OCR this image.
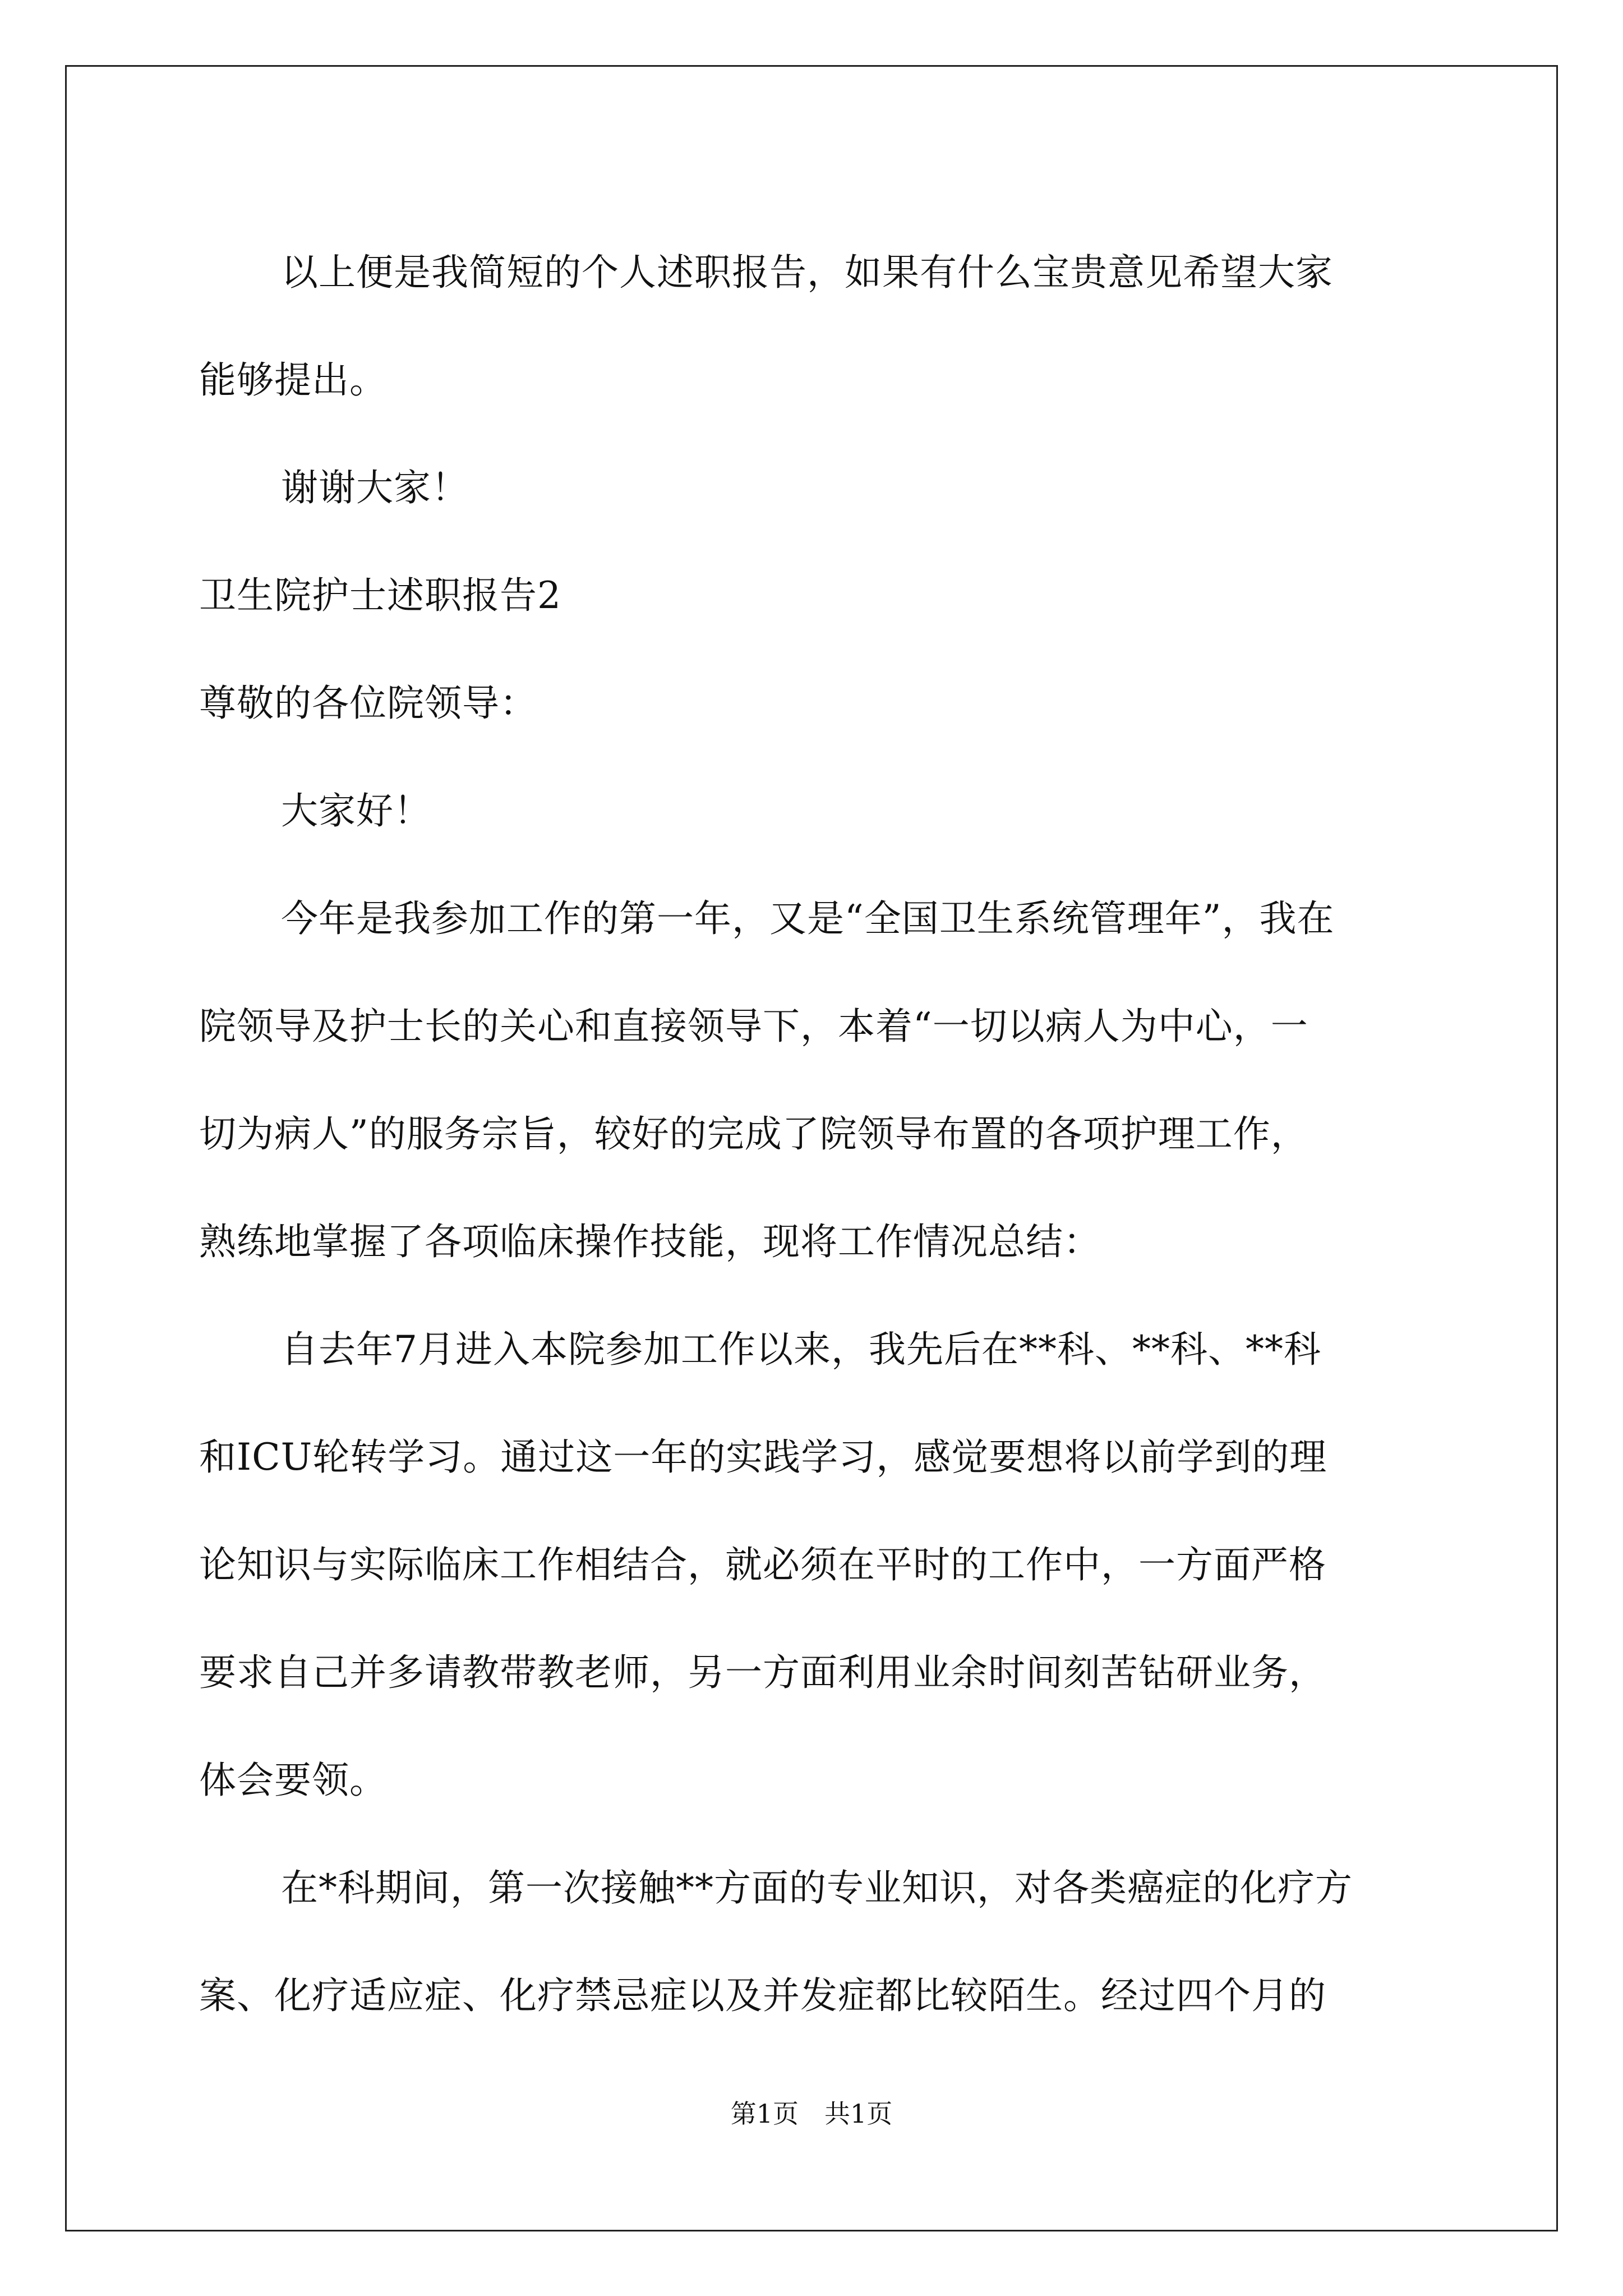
以上便是我简短的个人述职报告，如果有什么宝贵意见希望大家
能够提出。
谢谢大家！
卫生院护士述职报告2
尊敬的各位院领导：
大家好！
今年是我参加工作的第一年，又是“全国卫生系统管理年”，我在
院领导及护士长的关心和直接领导下，本着“一切以病人为中心，一
切为病人”的服务宗旨，较好的完成了院领导布置的各项护理工作，
熟练地掌握了各项临床操作技能，现将工作情况总结：
自去年7月进入本院参加工作以来，我先后在**科、**科、**科
和ICU轮转学习。通过这一年的实践学习，感觉要想将以前学到的理
论知识与实际临床工作相结合，就必须在平时的工作中，一方面严格
要求自己并多请教带教老师，另一方面利用业余时间刻苦钻研业务，
体会要领。
在*科期间，第一次接触**方面的专业知识，对各类癌症的化疗方
案、化疗适应症、化疗禁忌症以及并发症都比较陌生。经过四个月的
第1页　共1页
